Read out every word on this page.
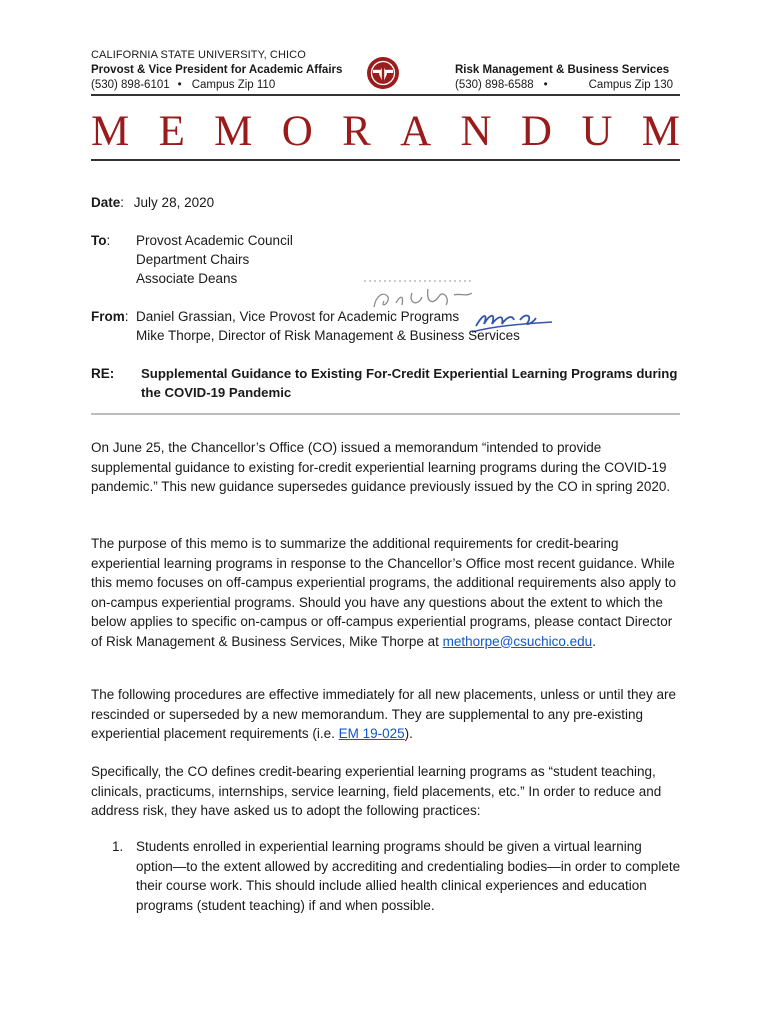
CALIFORNIA STATE UNIVERSITY, CHICO
Provost & Vice President for Academic Affairs
(530) 898-6101 • Campus Zip 110
Risk Management & Business Services
(530) 898-6588 •	Campus Zip 130
M E M O R A N D U M
Date: July 28, 2020
To: Provost Academic Council
Department Chairs
Associate Deans
From: Daniel Grassian, Vice Provost for Academic Programs
Mike Thorpe, Director of Risk Management & Business Services
RE: Supplemental Guidance to Existing For-Credit Experiential Learning Programs during the COVID-19 Pandemic

On June 25, the Chancellor’s Office (CO) issued a memorandum “intended to provide supplemental guidance to existing for-credit experiential learning programs during the COVID-19 pandemic.” This new guidance supersedes guidance previously issued by the CO in spring 2020.

The purpose of this memo is to summarize the additional requirements for credit-bearing experiential learning programs in response to the Chancellor’s Office most recent guidance. While this memo focuses on off-campus experiential programs, the additional requirements also apply to on-campus experiential programs. Should you have any questions about the extent to which the below applies to specific on-campus or off-campus experiential programs, please contact Director of Risk Management & Business Services, Mike Thorpe at methorpe@csuchico.edu.

The following procedures are effective immediately for all new placements, unless or until they are rescinded or superseded by a new memorandum. They are supplemental to any pre-existing experiential placement requirements (i.e. EM 19-025).

Specifically, the CO defines credit-bearing experiential learning programs as “student teaching, clinicals, practicums, internships, service learning, field placements, etc.” In order to reduce and address risk, they have asked us to adopt the following practices:

1. Students enrolled in experiential learning programs should be given a virtual learning option—to the extent allowed by accrediting and credentialing bodies—in order to complete their course work. This should include allied health clinical experiences and education programs (student teaching) if and when possible.
